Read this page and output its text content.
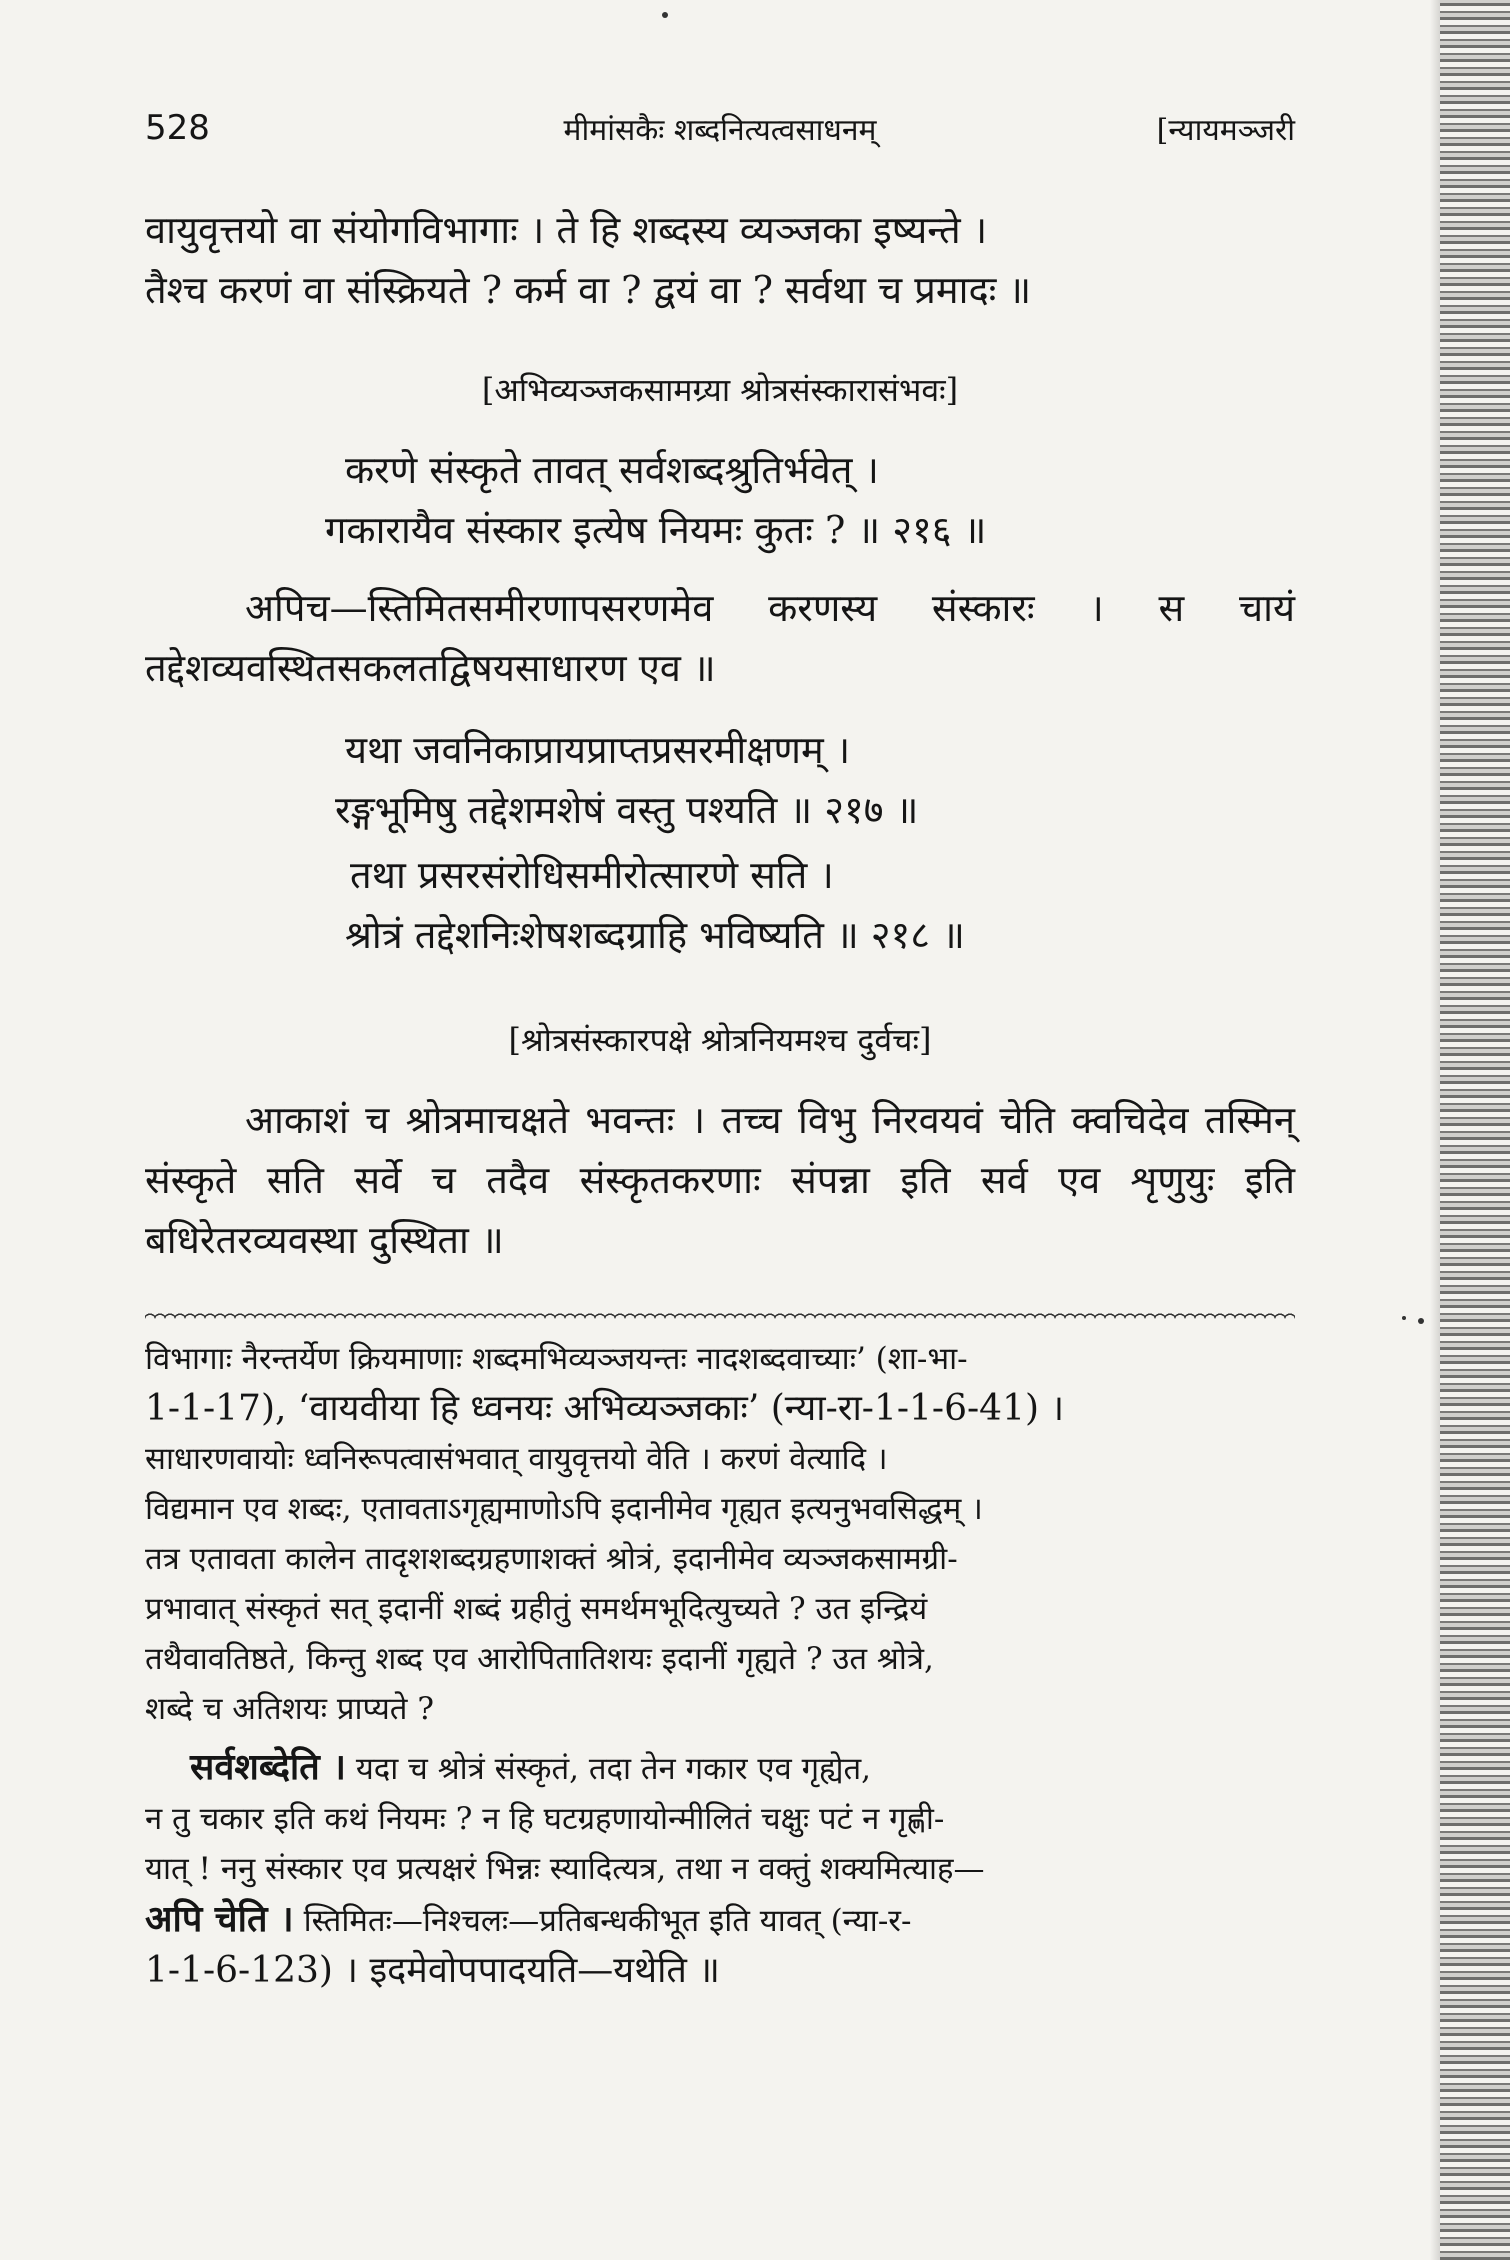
528	मीमांसकैः शब्दनित्यत्वसाधनम्	[न्यायमञ्जरी

वायुवृत्तयो वा संयोगविभागाः । ते हि शब्दस्य व्यञ्जका इष्यन्ते ।

तैश्च करणं वा संस्क्रियते ? कर्म वा ? द्वयं वा ? सर्वथा च प्रमादः ॥

[अभिव्यञ्जकसामग्र्या श्रोत्रसंस्कारासंभवः]

करणे संस्कृते तावत् सर्वशब्दश्रुतिर्भवेत् ।

गकारायैव संस्कार इत्येष नियमः कुतः ? ॥ २१६ ॥

अपिच—स्तिमितसमीरणापसरणमेव करणस्य संस्कारः । स चायं तद्देशव्यवस्थितसकलतद्विषयसाधारण एव ॥

यथा जवनिकाप्रायप्राप्तप्रसरमीक्षणम् ।

रङ्गभूमिषु तद्देशमशेषं वस्तु पश्यति ॥ २१७ ॥

तथा प्रसरसंरोधिसमीरोत्सारणे सति ।

श्रोत्रं तद्देशनिःशेषशब्दग्राहि भविष्यति ॥ २१८ ॥

[श्रोत्रसंस्कारपक्षे श्रोत्रनियमश्च दुर्वचः]

आकाशं च श्रोत्रमाचक्षते भवन्तः । तच्च विभु निरवयवं चेति क्वचिदेव तस्मिन् संस्कृते सति सर्वे च तदैव संस्कृतकरणाः संपन्ना इति सर्व एव शृणुयुः इति बधिरेतरव्यवस्था दुस्थिता ॥

विभागाः नैरन्तर्येण क्रियमाणाः शब्दमभिव्यञ्जयन्तः नादशब्दवाच्याः’ (शा-भा-

1-1-17), ‘वायवीया हि ध्वनयः अभिव्यञ्जकाः’ (न्या-रा-1-1-6-41) ।

साधारणवायोः ध्वनिरूपत्वासंभवात् वायुवृत्तयो वेति । करणं वेत्यादि ।

विद्यमान एव शब्दः, एतावताऽगृह्यमाणोऽपि इदानीमेव गृह्यत इत्यनुभवसिद्धम् ।

तत्र एतावता कालेन तादृशशब्दग्रहणाशक्तं श्रोत्रं, इदानीमेव व्यञ्जकसामग्री-

प्रभावात् संस्कृतं सत् इदानीं शब्दं ग्रहीतुं समर्थमभूदित्युच्यते ? उत इन्द्रियं

तथैवावतिष्ठते, किन्तु शब्द एव आरोपितातिशयः इदानीं गृह्यते ? उत श्रोत्रे,

शब्दे च अतिशयः प्राप्यते ?

सर्वशब्देति । यदा च श्रोत्रं संस्कृतं, तदा तेन गकार एव गृह्येत,

न तु चकार इति कथं नियमः ? न हि घटग्रहणायोन्मीलितं चक्षुः पटं न गृह्णी-

यात् ! ननु संस्कार एव प्रत्यक्षरं भिन्नः स्यादित्यत्र, तथा न वक्तुं शक्यमित्याह—

अपि चेति । स्तिमितः—निश्चलः—प्रतिबन्धकीभूत इति यावत् (न्या-र-

1-1-6-123) । इदमेवोपपादयति—यथेति ॥
